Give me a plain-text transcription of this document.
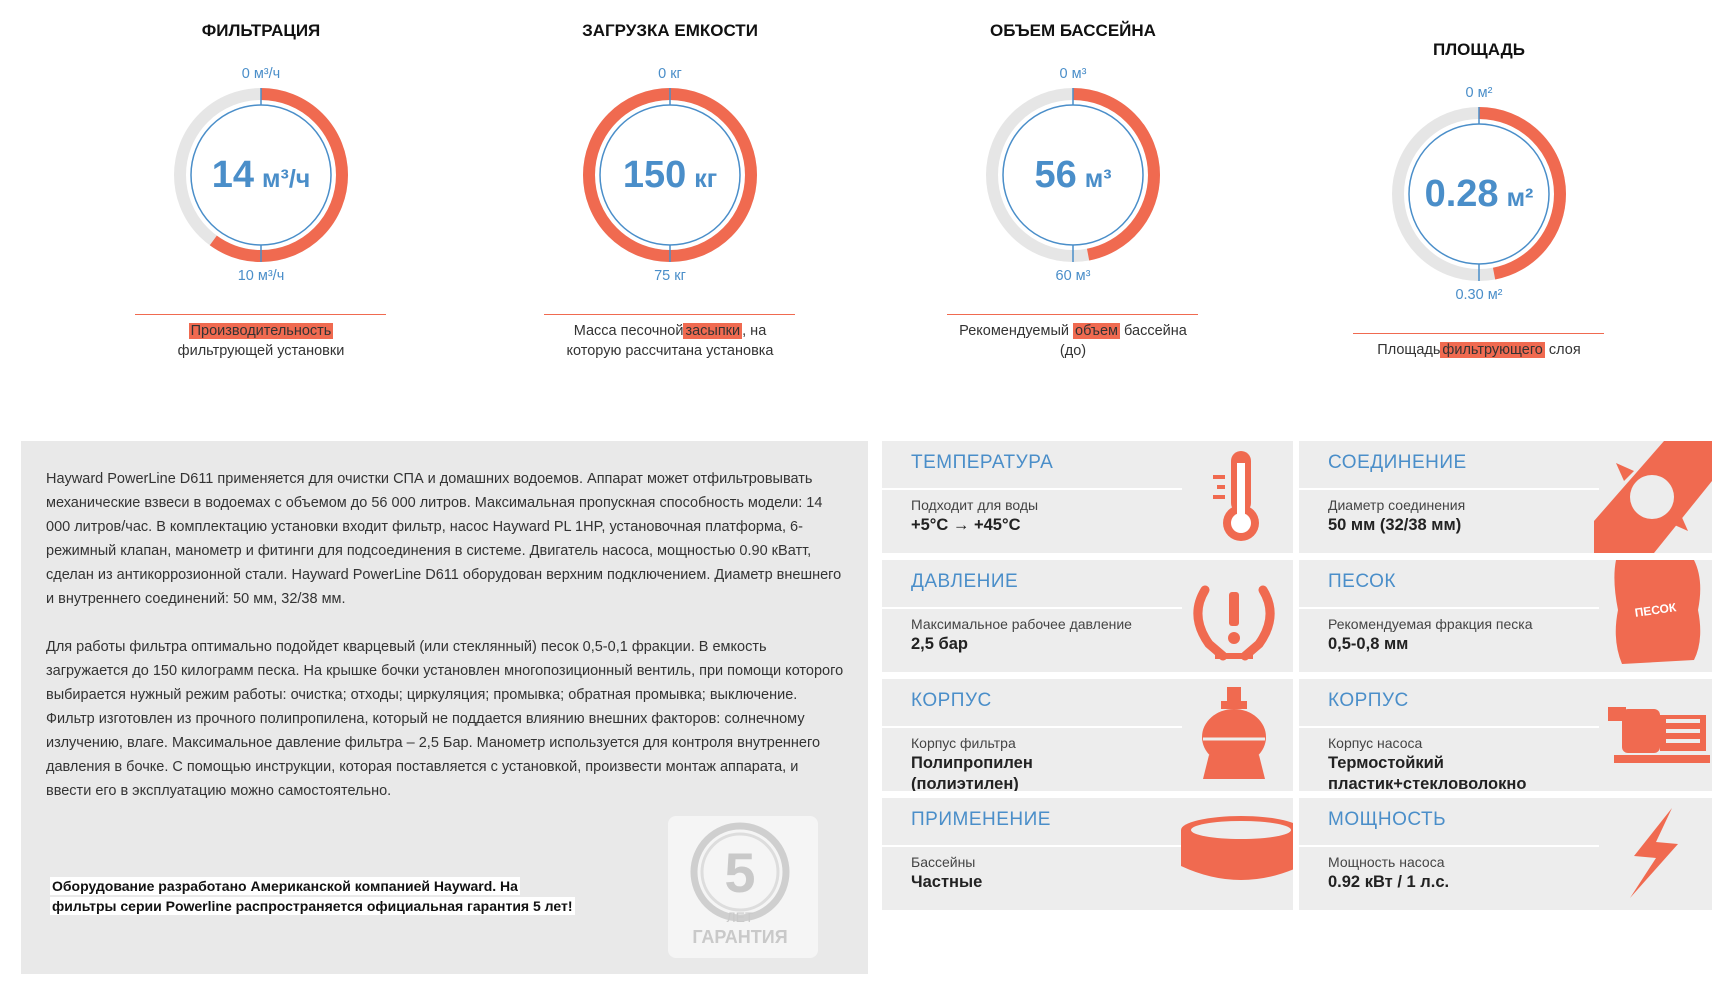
ФИЛЬТРАЦИЯ
0 м³/ч
14 м³/ч
10 м³/ч
Производительность
фильтрующей установки
ЗАГРУЗКА ЕМКОСТИ
0 кг
150 кг
75 кг
Масса песочной засыпки , на
которую рассчитана установка
ОБЪЕМ БАССЕЙНА
0 м³
56 м³
60 м³
Рекомендуемый объем бассейна
(до)
ПЛОЩАДЬ
0 м²
0.28 м²
0.30 м²
Площадь фильтрующего слоя

Hayward PowerLine D611 применяется для очистки СПА и домашних водоемов. Аппарат может отфильтровывать механические взвеси в водоемах с объемом до 56 000 литров. Максимальная пропускная способность модели: 14 000 литров/час. В комплектацию установки входит фильтр, насос Hayward PL 1HP, установочная платформа, 6-режимный клапан, манометр и фитинги для подсоединения в системе. Двигатель насоса, мощностью 0.90 кВатт, сделан из антикоррозионной стали. Hayward PowerLine D611 оборудован верхним подключением. Диаметр внешнего и внутреннего соединений: 50 мм, 32/38 мм.

Для работы фильтра оптимально подойдет кварцевый (или стеклянный) песок 0,5-0,1 фракции. В емкость загружается до 150 килограмм песка. На крышке бочки установлен многопозиционный вентиль, при помощи которого выбирается нужный режим работы: очистка; отходы; циркуляция; промывка; обратная промывка; выключение. Фильтр изготовлен из прочного полипропилена, который не поддается влиянию внешних факторов: солнечному излучению, влаге. Максимальное давление фильтра – 2,5 Бар. Манометр используется для контроля внутреннего давления в бочке. С помощью инструкции, которая поставляется с установкой, произвести монтаж аппарата, и ввести его в эксплуатацию можно самостоятельно.

Оборудование разработано Американской компанией Hayward. На
фильтры серии Powerline распространяется официальная гарантия 5 лет!
5
ЛЕТ
ГАРАНТИЯ
ТЕМПЕРАТУРА
Подходит для воды
+5°C → +45°C
СОЕДИНЕНИЕ
Диаметр соединения
50 мм (32/38 мм)
ДАВЛЕНИЕ
Максимальное рабочее давление
2,5 бар
ПЕСОК
Рекомендуемая фракция песка
0,5-0,8 мм
ПЕСОК
КОРПУС
Корпус фильтра
Полипропилен
(полиэтилен)
КОРПУС
Корпус насоса
Термостойкий
пластик+стекловолокно
ПРИМЕНЕНИЕ
Бассейны
Частные
МОЩНОСТЬ
Мощность насоса
0.92 кВт / 1 л.с.
